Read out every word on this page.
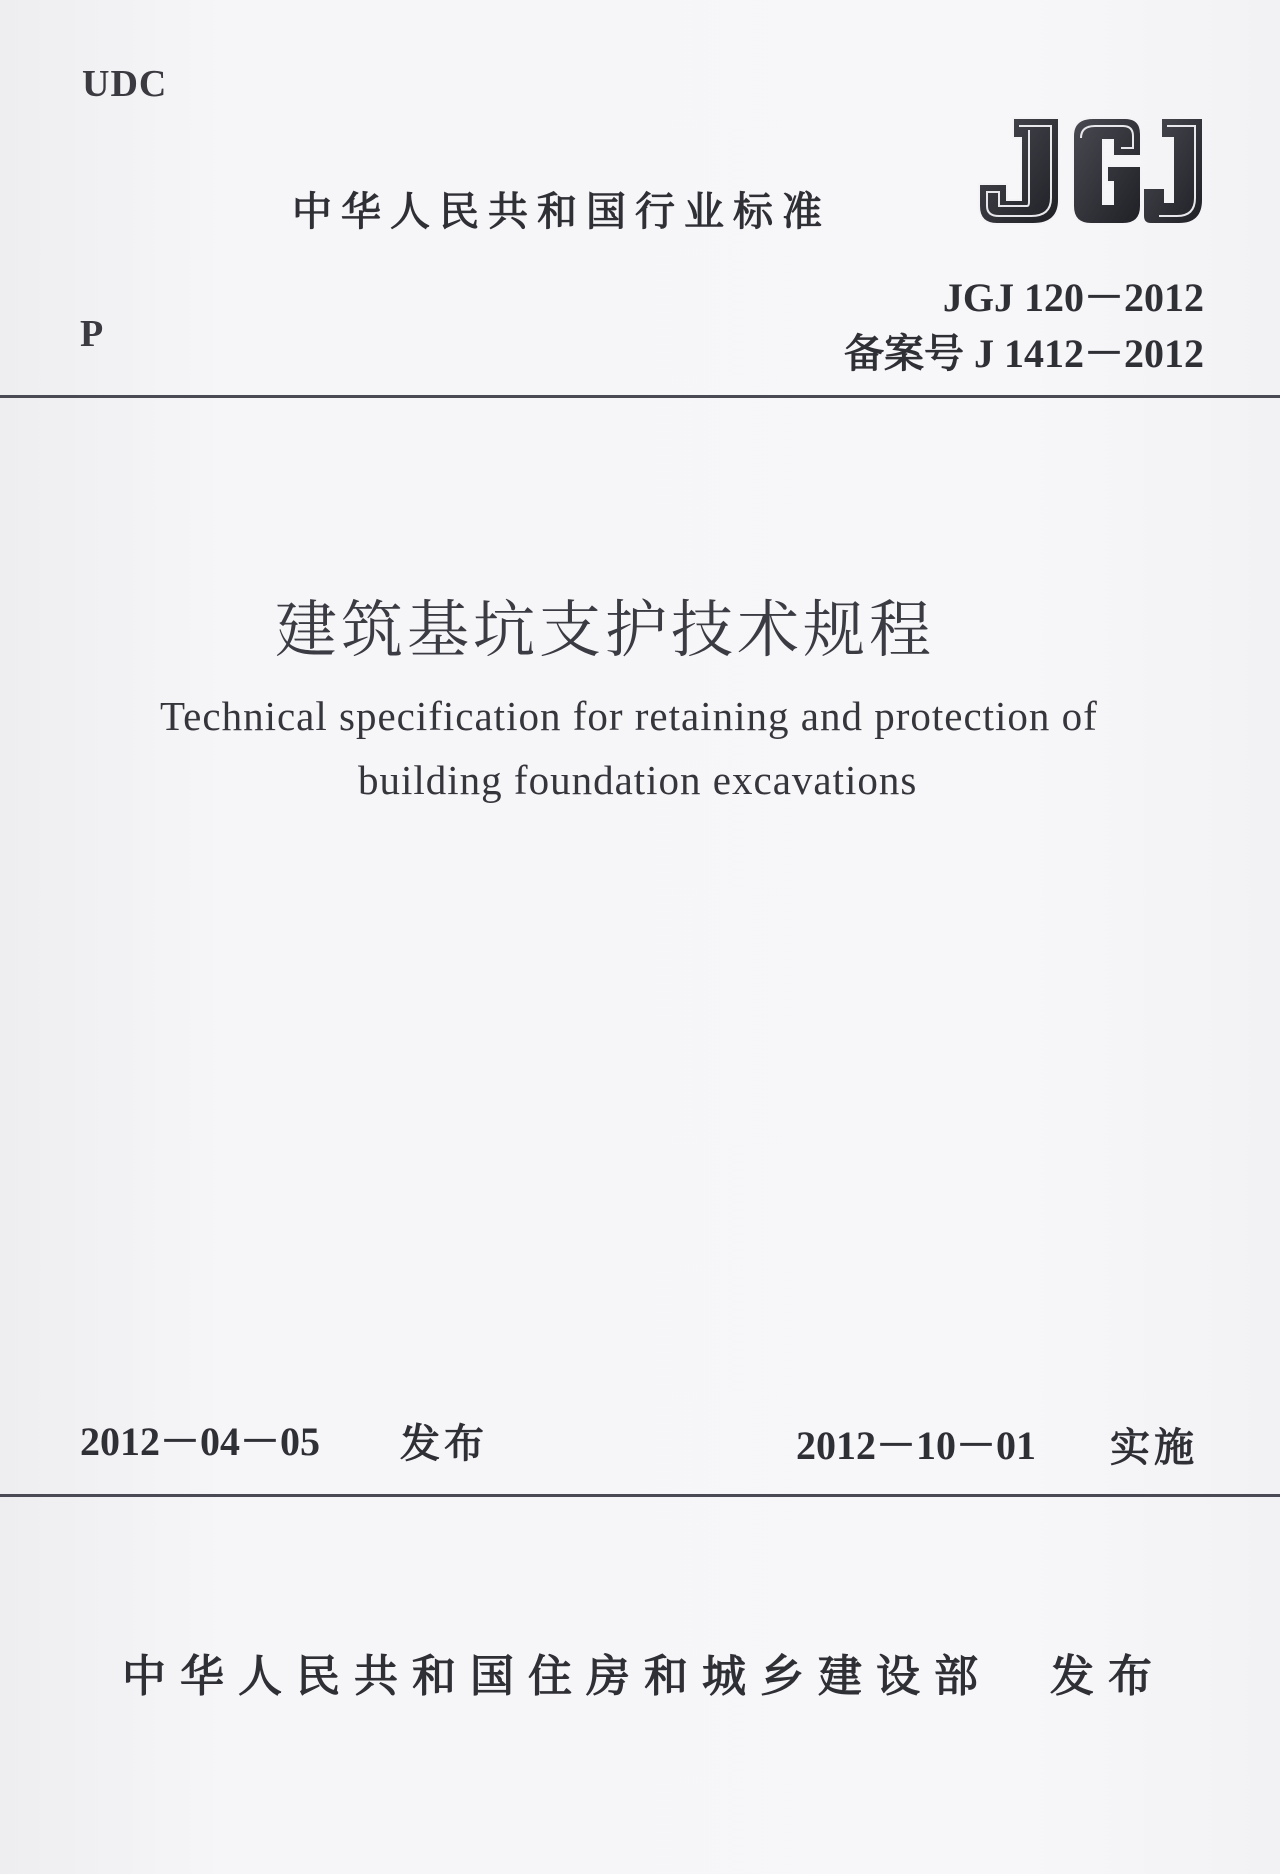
UDC
中华人民共和国行业标准
JGJ 120－2012
P	备案号 J 1412－2012
建筑基坑支护技术规程
Technical specification for retaining and protection of
building foundation excavations
2012－04－05 发布	2012－10－01 实施
中华人民共和国住房和城乡建设部 发布
